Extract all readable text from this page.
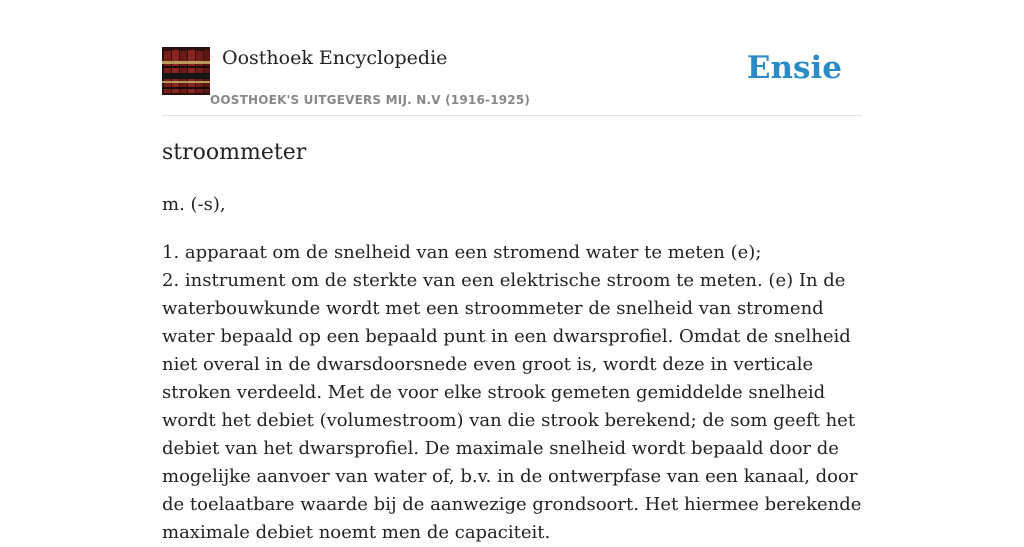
Oosthoek Encyclopedie
OOSTHOEK'S UITGEVERS MIJ. N.V (1916-1925)
Ensie
stroommeter
m. (-s),

1. apparaat om de snelheid van een stromend water te meten (e);

2. instrument om de sterkte van een elektrische stroom te meten. (e) In de waterbouwkunde wordt met een stroommeter de snelheid van stromend water bepaald op een bepaald punt in een dwarsprofiel. Omdat de snelheid niet overal in de dwarsdoorsnede even groot is, wordt deze in verticale stroken verdeeld. Met de voor elke strook gemeten gemiddelde snelheid wordt het debiet (volumestroom) van die strook berekend; de som geeft het debiet van het dwarsprofiel. De maximale snelheid wordt bepaald door de mogelijke aanvoer van water of, b.v. in de ontwerpfase van een kanaal, door de toelaatbare waarde bij de aanwezige grondsoort. Het hiermee berekende maximale debiet noemt men de capaciteit.
